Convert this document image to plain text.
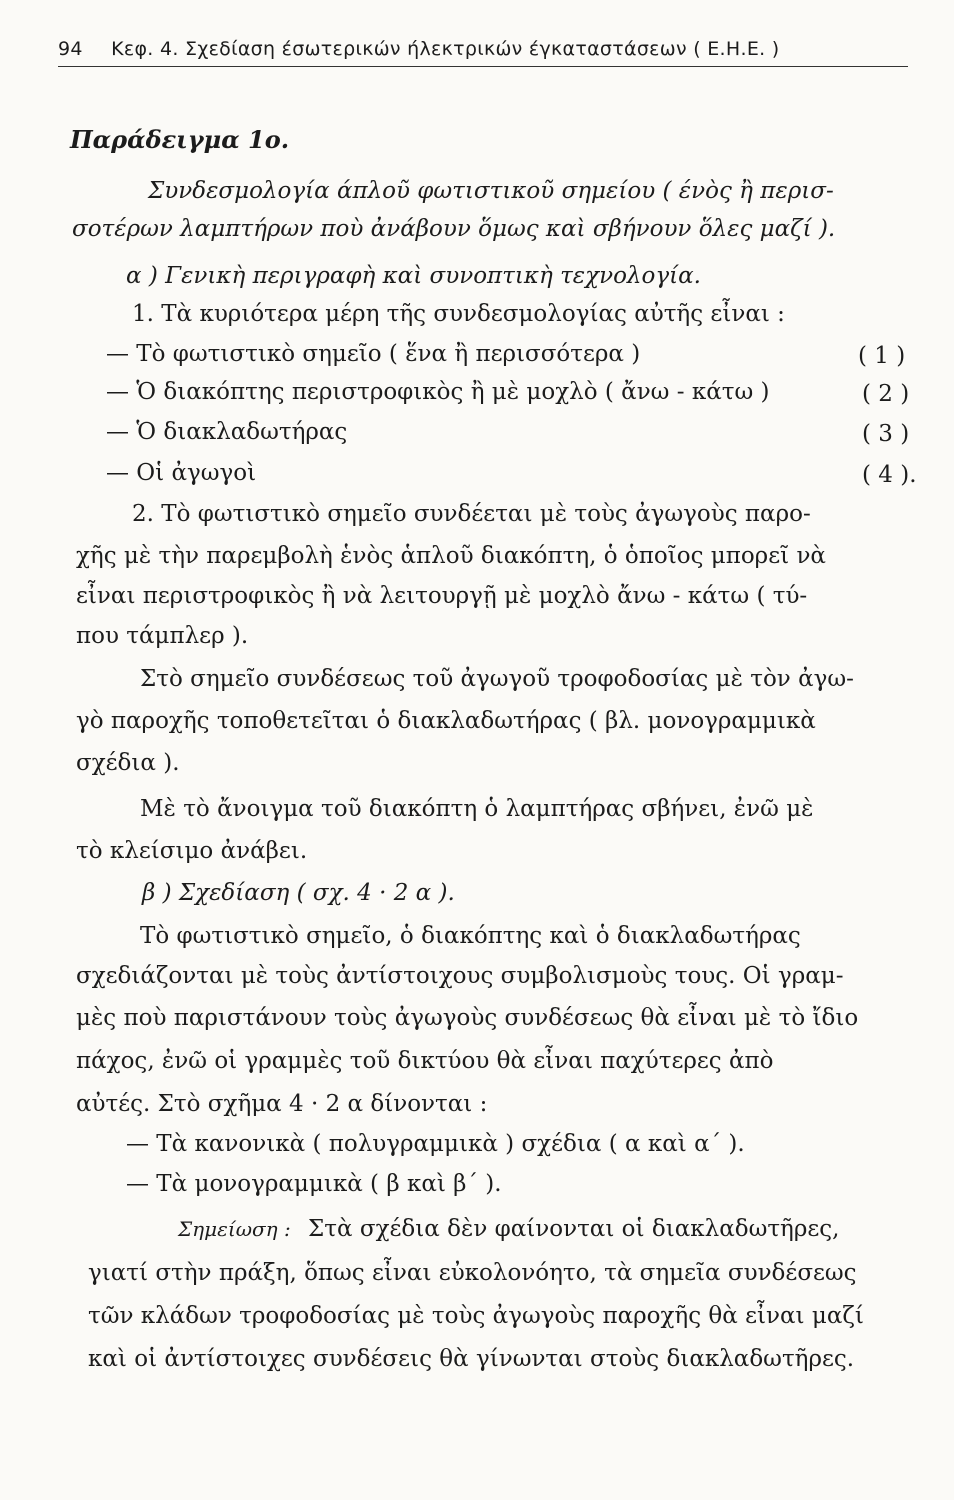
94 Κεφ. 4. Σχεδίαση έσωτερικών ήλεκτρικών έγκαταστάσεων ( Ε.Η.Ε. )
Παράδειγμα 1ο.
Συνδεσμολογία άπλοῦ φωτιστικοῦ σημείου ( ένὸς ἢ περισ-
σοτέρων λαμπτήρων ποὺ ἀνάβουν ὅμως καὶ σβήνουν ὅλες μαζί ).
α ) Γενικὴ περιγραφὴ καὶ συνοπτικὴ τεχνολογία.
1. Τὰ κυριότερα μέρη τῆς συνδεσμολογίας αὐτῆς εἶναι :
— Τὸ φωτιστικὸ σημεῖο ( ἕνα ἢ περισσότερα )	( 1 )
— Ὁ διακόπτης περιστροφικὸς ἢ μὲ μοχλὸ ( ἄνω - κάτω )	( 2 )
— Ὁ διακλαδωτήρας	( 3 )
— Οἱ ἀγωγοὶ	( 4 ).
2. Τὸ φωτιστικὸ σημεῖο συνδέεται μὲ τοὺς ἀγωγοὺς παρο-
χῆς μὲ τὴν παρεμβολὴ ἑνὸς ἁπλοῦ διακόπτη, ὁ ὁποῖος μπορεῖ νὰ
εἶναι περιστροφικὸς ἢ νὰ λειτουργῇ μὲ μοχλὸ ἄνω - κάτω ( τύ-
που τάμπλερ ).
Στὸ σημεῖο συνδέσεως τοῦ ἀγωγοῦ τροφοδοσίας μὲ τὸν ἀγω-
γὸ παροχῆς τοποθετεῖται ὁ διακλαδωτήρας ( βλ. μονογραμμικὰ
σχέδια ).
Μὲ τὸ ἄνοιγμα τοῦ διακόπτη ὁ λαμπτήρας σβήνει, ἐνῶ μὲ
τὸ κλείσιμο ἀνάβει.
β ) Σχεδίαση ( σχ. 4 · 2 α ).
Τὸ φωτιστικὸ σημεῖο, ὁ διακόπτης καὶ ὁ διακλαδωτήρας
σχεδιάζονται μὲ τοὺς ἀντίστοιχους συμβολισμοὺς τους. Οἱ γραμ-
μὲς ποὺ παριστάνουν τοὺς ἀγωγοὺς συνδέσεως θὰ εἶναι μὲ τὸ ἴδιο
πάχος, ἐνῶ οἱ γραμμὲς τοῦ δικτύου θὰ εἶναι παχύτερες ἀπὸ
αὐτές. Στὸ σχῆμα 4 · 2 α δίνονται :
— Τὰ κανονικὰ ( πολυγραμμικὰ ) σχέδια ( α καὶ α΄ ).
— Τὰ μονογραμμικὰ ( β καὶ β΄ ).
Σημείωση : Στὰ σχέδια δὲν φαίνονται οἱ διακλαδωτῆρες,
γιατί στὴν πράξη, ὅπως εἶναι εὐκολονόητο, τὰ σημεῖα συνδέσεως
τῶν κλάδων τροφοδοσίας μὲ τοὺς ἀγωγοὺς παροχῆς θὰ εἶναι μαζί
καὶ οἱ ἀντίστοιχες συνδέσεις θὰ γίνωνται στοὺς διακλαδωτῆρες.
